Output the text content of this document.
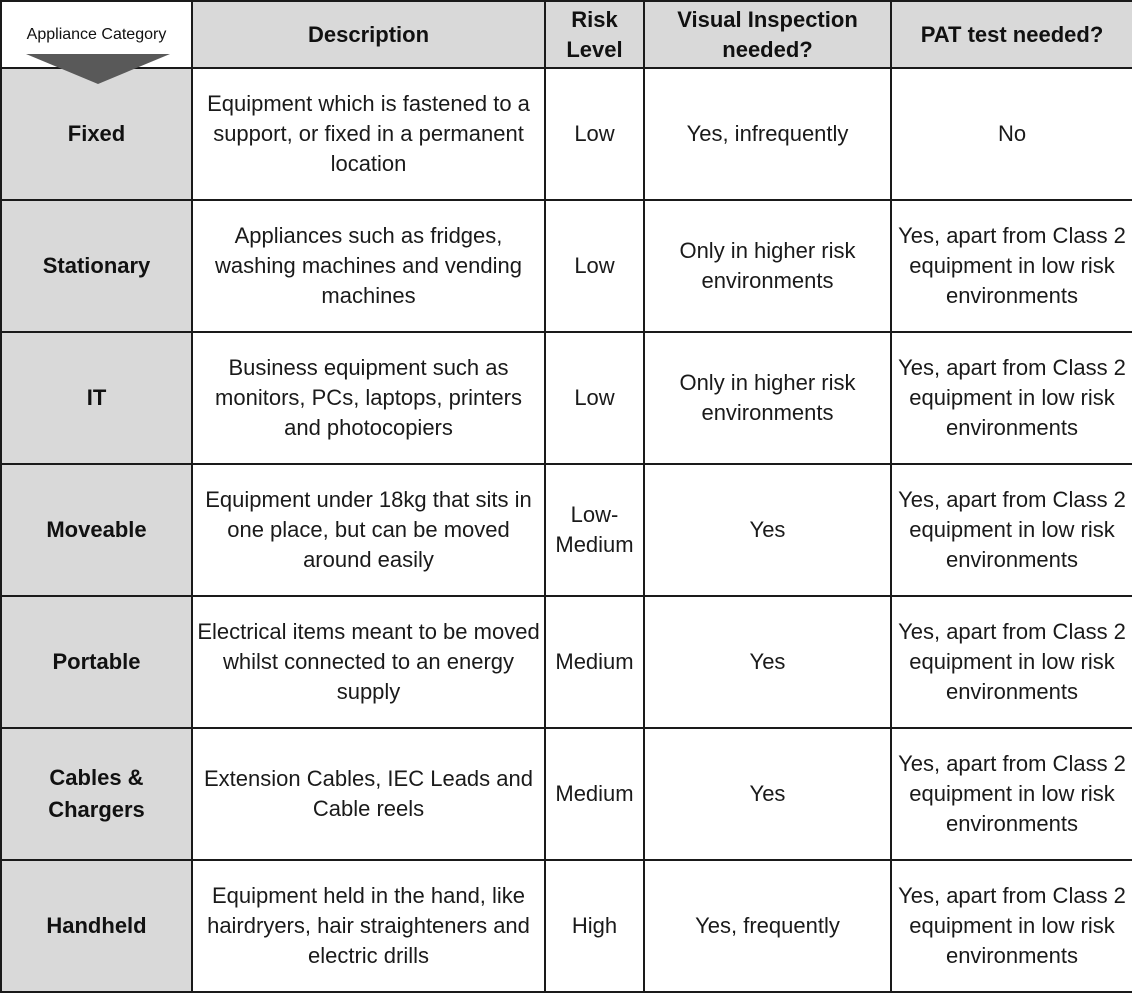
Appliance Category	Description	Risk Level	Visual Inspection needed?	PAT test needed?
Fixed	Equipment which is fastened to a support, or fixed in a permanent location	Low	Yes, infrequently	No
Stationary	Appliances such as fridges, washing machines and vending machines	Low	Only in higher risk environments	Yes, apart from Class 2 equipment in low risk environments
IT	Business equipment such as monitors, PCs, laptops, printers and photocopiers	Low	Only in higher risk environments	Yes, apart from Class 2 equipment in low risk environments
Moveable	Equipment under 18kg that sits in one place, but can be moved around easily	Low-Medium	Yes	Yes, apart from Class 2 equipment in low risk environments
Portable	Electrical items meant to be moved whilst connected to an energy supply	Medium	Yes	Yes, apart from Class 2 equipment in low risk environments
Cables & Chargers	Extension Cables, IEC Leads and Cable reels	Medium	Yes	Yes, apart from Class 2 equipment in low risk environments
Handheld	Equipment held in the hand, like hairdryers, hair straighteners and electric drills	High	Yes, frequently	Yes, apart from Class 2 equipment in low risk environments
